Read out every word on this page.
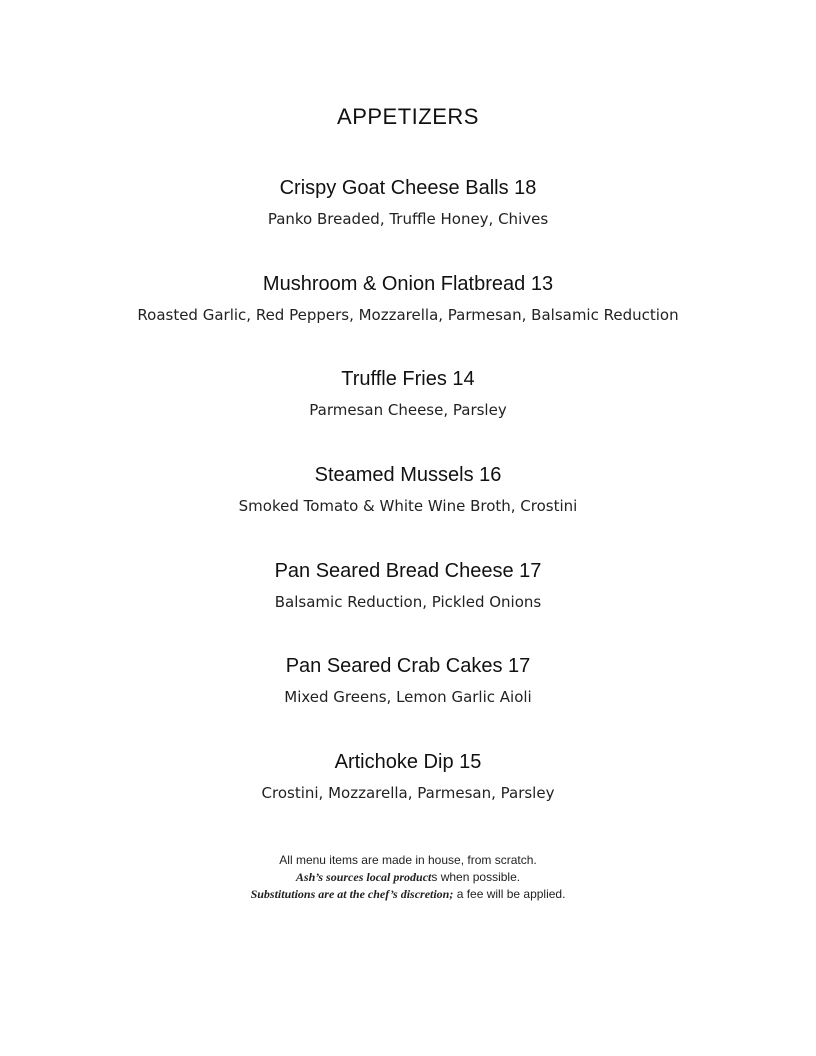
APPETIZERS
Crispy Goat Cheese Balls 18
Panko Breaded, Truffle Honey, Chives
Mushroom & Onion Flatbread 13
Roasted Garlic, Red Peppers, Mozzarella, Parmesan, Balsamic Reduction
Truffle Fries 14
Parmesan Cheese, Parsley
Steamed Mussels 16
Smoked Tomato & White Wine Broth, Crostini
Pan Seared Bread Cheese 17
Balsamic Reduction, Pickled Onions
Pan Seared Crab Cakes 17
Mixed Greens, Lemon Garlic Aioli
Artichoke Dip 15
Crostini, Mozzarella, Parmesan, Parsley
All menu items are made in house, from scratch.
Ash’s sources local products when possible.
Substitutions are at the chef’s discretion; a fee will be applied.
